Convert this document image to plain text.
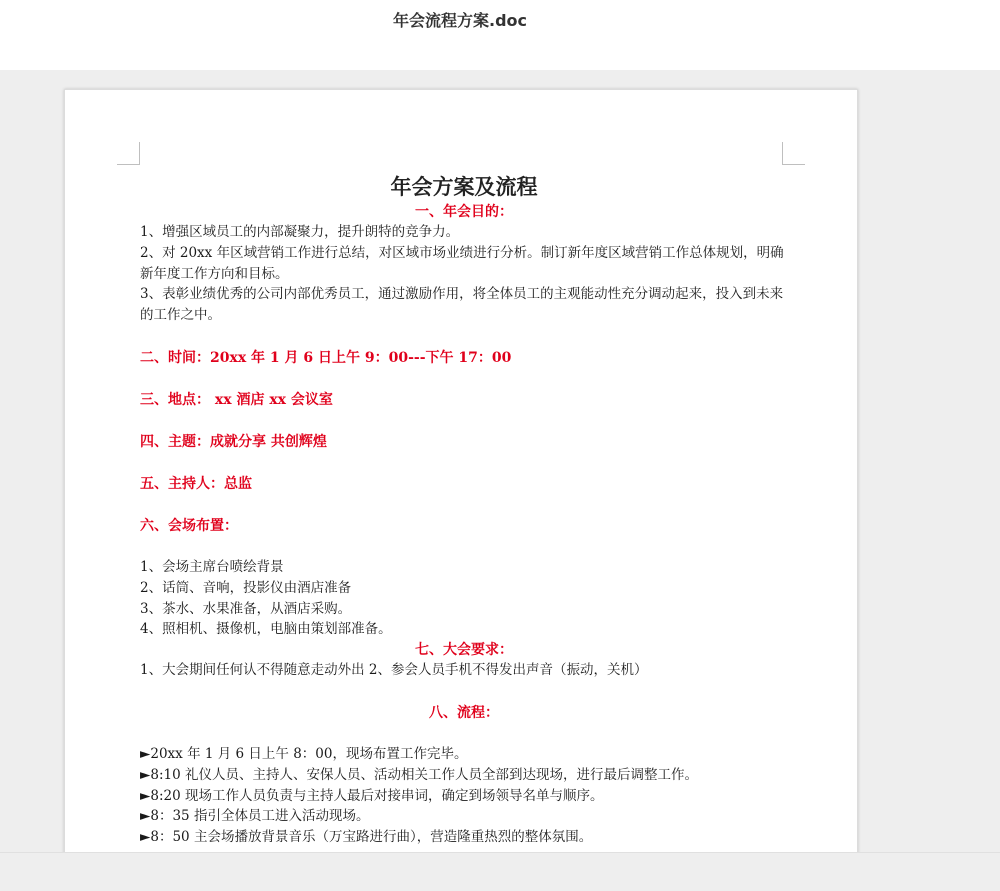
年会流程方案.doc

年会方案及流程

一、年会目的：

1、增强区域员工的内部凝聚力，提升朗特的竞争力。

2、对 20xx 年区域营销工作进行总结，对区域市场业绩进行分析。制订新年度区域营销工作总体规划，明确新年度工作方向和目标。

3、表彰业绩优秀的公司内部优秀员工，通过激励作用，将全体员工的主观能动性充分调动起来，投入到未来的工作之中。

二、时间：20xx 年 1 月 6 日上午 9：00---下午 17：00

三、地点： xx 酒店 xx 会议室

四、主题：成就分享 共创辉煌

五、主持人：总监

六、会场布置：

1、会场主席台喷绘背景

2、话筒、音响，投影仪由酒店准备

3、茶水、水果准备，从酒店采购。

4、照相机、摄像机，电脑由策划部准备。

七、大会要求：

1、大会期间任何认不得随意走动外出 2、参会人员手机不得发出声音（振动，关机）

八、流程：

►20xx 年 1 月 6 日上午 8：00，现场布置工作完毕。

►8:10 礼仪人员、主持人、安保人员、活动相关工作人员全部到达现场，进行最后调整工作。

►8:20 现场工作人员负责与主持人最后对接串词，确定到场领导名单与顺序。

►8：35 指引全体员工进入活动现场。

►8：50 主会场播放背景音乐（万宝路进行曲），营造隆重热烈的整体氛围。
